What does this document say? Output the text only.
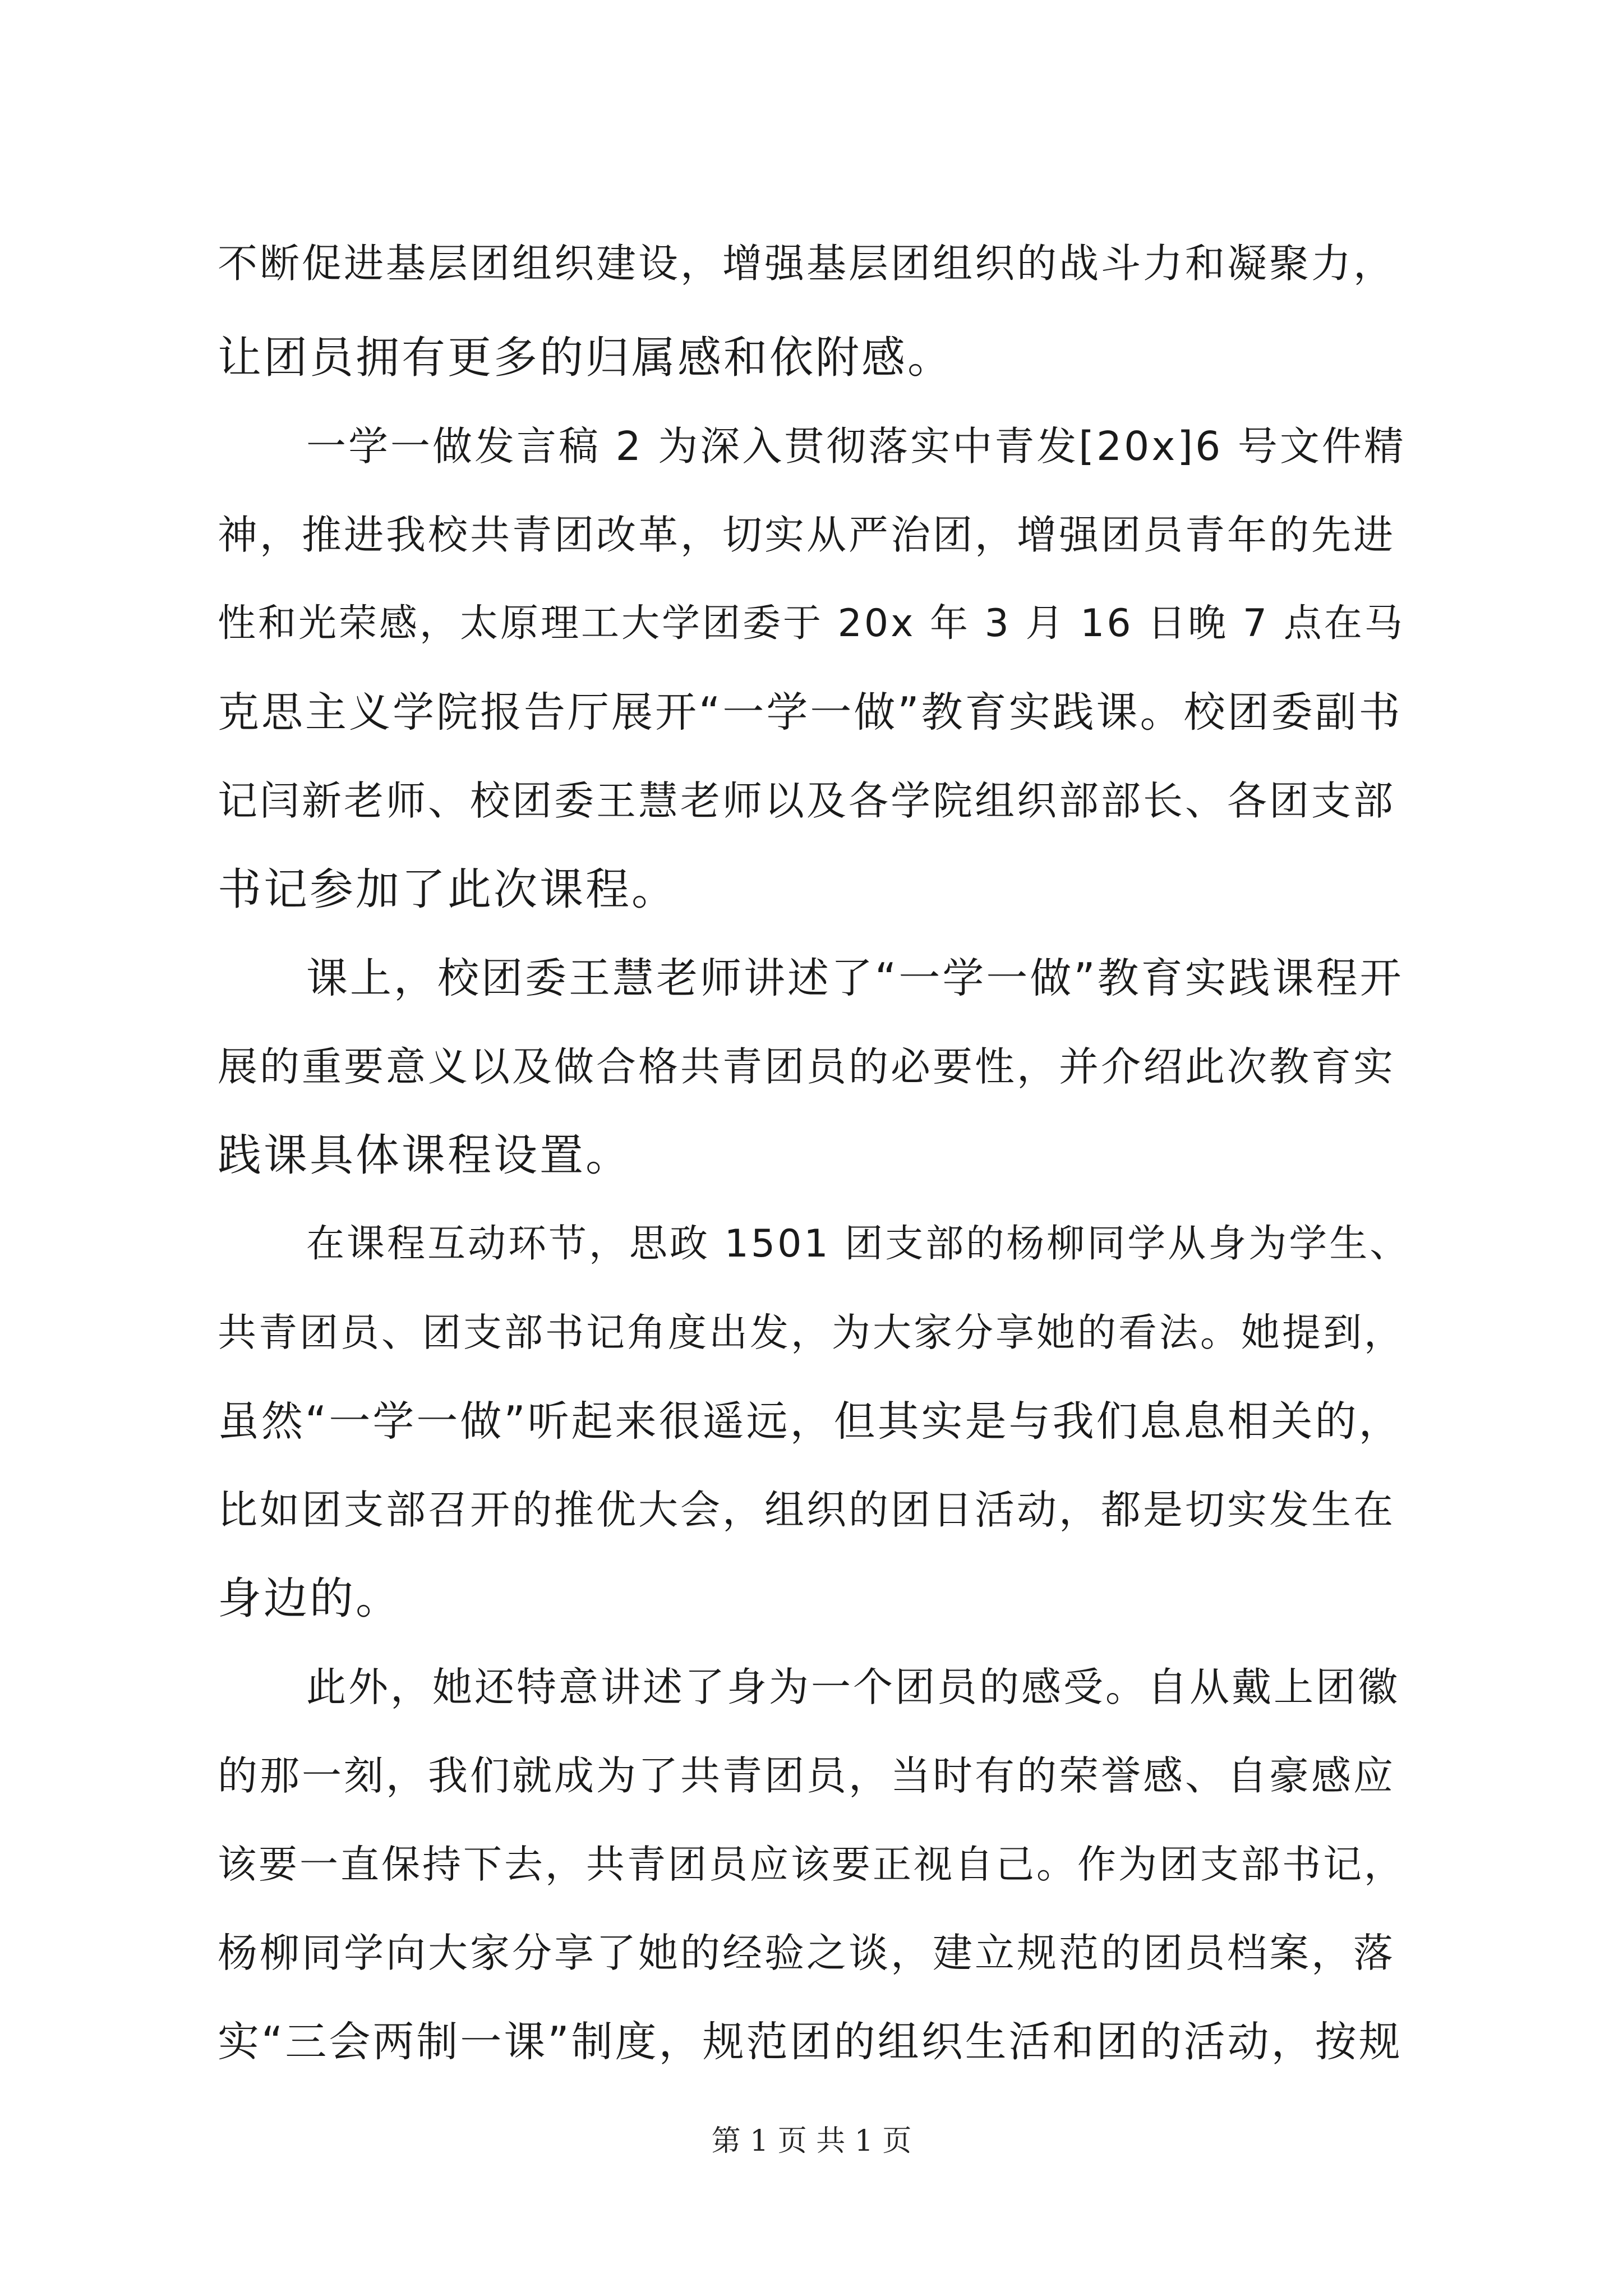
不断促进基层团组织建设，增强基层团组织的战斗力和凝聚力，
让团员拥有更多的归属感和依附感。
一学一做发言稿 2 为深入贯彻落实中青发[20x]6 号文件精
神，推进我校共青团改革，切实从严治团，增强团员青年的先进
性和光荣感，太原理工大学团委于 20x 年 3 月 16 日晚 7 点在马
克思主义学院报告厅展开“一学一做”教育实践课。校团委副书
记闫新老师、校团委王慧老师以及各学院组织部部长、各团支部
书记参加了此次课程。
课上，校团委王慧老师讲述了“一学一做”教育实践课程开
展的重要意义以及做合格共青团员的必要性，并介绍此次教育实
践课具体课程设置。
在课程互动环节，思政 1501 团支部的杨柳同学从身为学生、
共青团员、团支部书记角度出发，为大家分享她的看法。她提到，
虽然“一学一做”听起来很遥远，但其实是与我们息息相关的，
比如团支部召开的推优大会，组织的团日活动，都是切实发生在
身边的。
此外，她还特意讲述了身为一个团员的感受。自从戴上团徽
的那一刻，我们就成为了共青团员，当时有的荣誉感、自豪感应
该要一直保持下去，共青团员应该要正视自己。作为团支部书记，
杨柳同学向大家分享了她的经验之谈，建立规范的团员档案，落
实“三会两制一课”制度，规范团的组织生活和团的活动，按规
第 1 页 共 1 页
